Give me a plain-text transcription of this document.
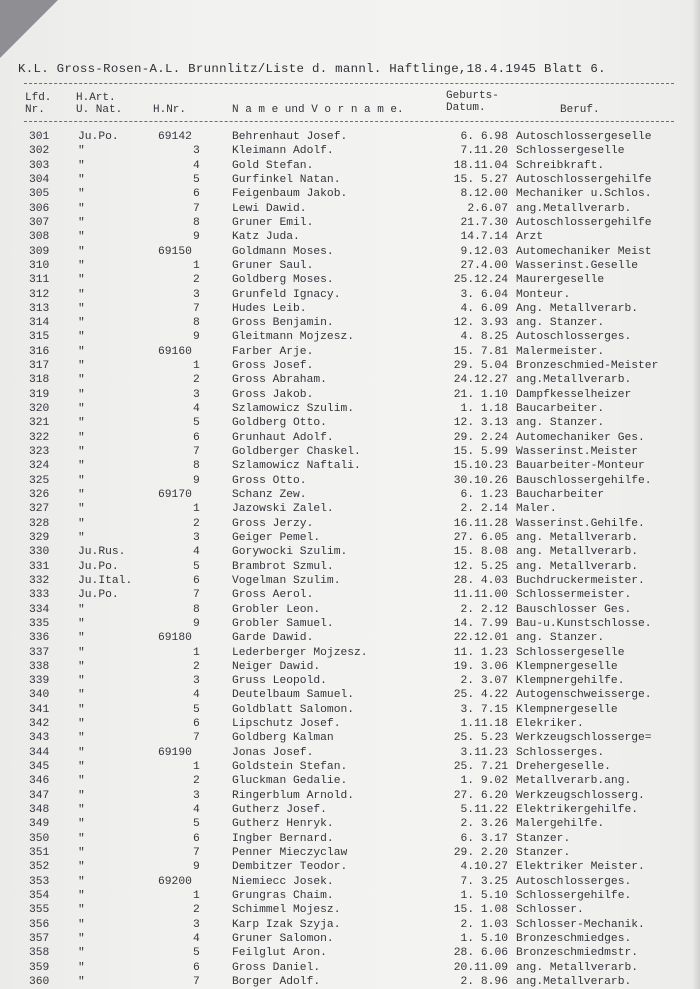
K.L. Gross-Rosen-A.L. Brunnlitz/Liste d. mannl. Haftlinge,18.4.1945 Blatt 6.
Lfd.
Nr.
H.Art.
U. Nat.	H.Nr.	N a m e und V o r n a m e.
Geburts-
Datum.	Beruf.
301	Ju.Po.	69142	Behrenhaut Josef.	6. 6.98 Autoschlossergeselle
302	"	3	Kleimann Adolf.	7.11.20 Schlossergeselle
303	"	4	Gold Stefan.	18.11.04 Schreibkraft.
304	"	5	Gurfinkel Natan.	15. 5.27 Autoschlossergehilfe
305	"	6	Feigenbaum Jakob.	8.12.00 Mechaniker u.Schlos.
306	"	7	Lewi Dawid.	2.6.07 ang.Metallverarb.
307	"	8	Gruner Emil.	21.7.30 Autoschlossergehilfe
308	"	9	Katz Juda.	14.7.14 Arzt
309	"	69150	Goldmann Moses.	9.12.03 Automechaniker Meist
310	"	1	Gruner Saul.	27.4.00 Wasserinst.Geselle
311	"	2	Goldberg Moses.	25.12.24 Maurergeselle
312	"	3	Grunfeld Ignacy.	3. 6.04 Monteur.
313	"	7	Hudes Leib.	4. 6.09 Ang. Metallverarb.
314	"	8	Gross Benjamin.	12. 3.93 ang. Stanzer.
315	"	9	Gleitmann Mojzesz.	4. 8.25 Autoschlosserges.
316	"	69160	Farber Arje.	15. 7.81 Malermeister.
317	"	1	Gross Josef.	29. 5.04 Bronzeschmied-Meister
318	"	2	Gross Abraham.	24.12.27 ang.Metallverarb.
319	"	3	Gross Jakob.	21. 1.10 Dampfkesselheizer
320	"	4	Szlamowicz Szulim.	1. 1.18 Baucarbeiter.
321	"	5	Goldberg Otto.	12. 3.13 ang. Stanzer.
322	"	6	Grunhaut Adolf.	29. 2.24 Automechaniker Ges.
323	"	7	Goldberger Chaskel.	15. 5.99 Wasserinst.Meister
324	"	8	Szlamowicz Naftali.	15.10.23 Bauarbeiter-Monteur
325	"	9	Gross Otto.	30.10.26 Bauschlossergehilfe.
326	"	69170	Schanz Zew.	6. 1.23 Baucharbeiter
327	"	1	Jazowski Zalel.	2. 2.14 Maler.
328	"	2	Gross Jerzy.	16.11.28 Wasserinst.Gehilfe.
329	"	3	Geiger Pemel.	27. 6.05 ang. Metallverarb.
330	Ju.Rus.	4	Gorywocki Szulim.	15. 8.08 ang. Metallverarb.
331	Ju.Po.	5	Brambrot Szmul.	12. 5.25 ang. Metallverarb.
332	Ju.Ital.	6	Vogelman Szulim.	28. 4.03 Buchdruckermeister.
333	Ju.Po.	7	Gross Aerol.	11.11.00 Schlossermeister.
334	"	8	Grobler Leon.	2. 2.12 Bauschlosser Ges.
335	"	9	Grobler Samuel.	14. 7.99 Bau-u.Kunstschlosse.
336	"	69180	Garde Dawid.	22.12.01 ang. Stanzer.
337	"	1	Lederberger Mojzesz.	11. 1.23 Schlossergeselle
338	"	2	Neiger Dawid.	19. 3.06 Klempnergeselle
339	"	3	Gruss Leopold.	2. 3.07 Klempnergehilfe.
340	"	4	Deutelbaum Samuel.	25. 4.22 Autogenschweisserge.
341	"	5	Goldblatt Salomon.	3. 7.15 Klempnergeselle
342	"	6	Lipschutz Josef.	1.11.18 Elekriker.
343	"	7	Goldberg Kalman	25. 5.23 Werkzeugschlosserge=
344	"	69190	Jonas Josef.	3.11.23 Schlosserges.
345	"	1	Goldstein Stefan.	25. 7.21 Drehergeselle.
346	"	2	Gluckman Gedalie.	1. 9.02 Metallverarb.ang.
347	"	3	Ringerblum Arnold.	27. 6.20 Werkzeugschlosserg.
348	"	4	Gutherz Josef.	5.11.22 Elektrikergehilfe.
349	"	5	Gutherz Henryk.	2. 3.26 Malergehilfe.
350	"	6	Ingber Bernard.	6. 3.17 Stanzer.
351	"	7	Penner Mieczyclaw	29. 2.20 Stanzer.
352	"	9	Dembitzer Teodor.	4.10.27 Elektriker Meister.
353	"	69200	Niemiecc Josek.	7. 3.25 Autoschlosserges.
354	"	1	Grungras Chaim.	1. 5.10 Schlossergehilfe.
355	"	2	Schimmel Mojesz.	15. 1.08 Schlosser.
356	"	3	Karp Izak Szyja.	2. 1.03 Schlosser-Mechanik.
357	"	4	Gruner Salomon.	1. 5.10 Bronzeschmiedges.
358	"	5	Feilglut Aron.	28. 6.06 Bronzeschmiedmstr.
359	"	6	Gross Daniel.	20.11.09 ang. Metallverarb.
360	"	7	Borger Adolf.	2. 8.96 ang.Metallverarb.
